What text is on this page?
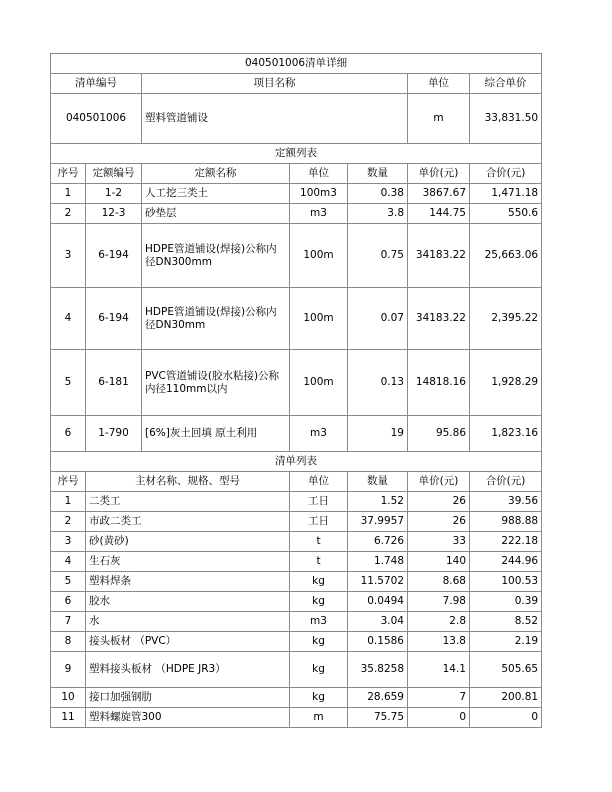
040501006清单详细						
清单编号		项目名称			单位	综合单价
040501006		塑料管道铺设			m	33,831.50
定额列表						
序号	定额编号	定额名称	单位	数量	单价(元)	合价(元)
1	1-2	人工挖三类土	100m3	0.38	3867.67	1,471.18
2	12-3	砂垫层	m3	3.8	144.75	550.6
3	6-194	HDPE管道铺设(焊接)公称内径DN300mm	100m	0.75	34183.22	25,663.06
4	6-194	HDPE管道铺设(焊接)公称内径DN30mm	100m	0.07	34183.22	2,395.22
5	6-181	PVC管道铺设(胶水粘接)公称内径110mm以内	100m	0.13	14818.16	1,928.29
6	1-790	[6%]灰土回填 原土利用	m3	19	95.86	1,823.16
清单列表						
序号	主材名称、规格、型号		单位	数量	单价(元)	合价(元)
1	二类工		工日	1.52	26	39.56
2	市政二类工		工日	37.9957	26	988.88
3	砂(黄砂)		t	6.726	33	222.18
4	生石灰		t	1.748	140	244.96
5	塑料焊条		kg	11.5702	8.68	100.53
6	胶水		kg	0.0494	7.98	0.39
7	水		m3	3.04	2.8	8.52
8	接头板材 （PVC）		kg	0.1586	13.8	2.19
9	塑料接头板材 （HDPE JR3）		kg	35.8258	14.1	505.65
10	接口加强钢肋		kg	28.659	7	200.81
11	塑料螺旋管300		m	75.75	0	0
